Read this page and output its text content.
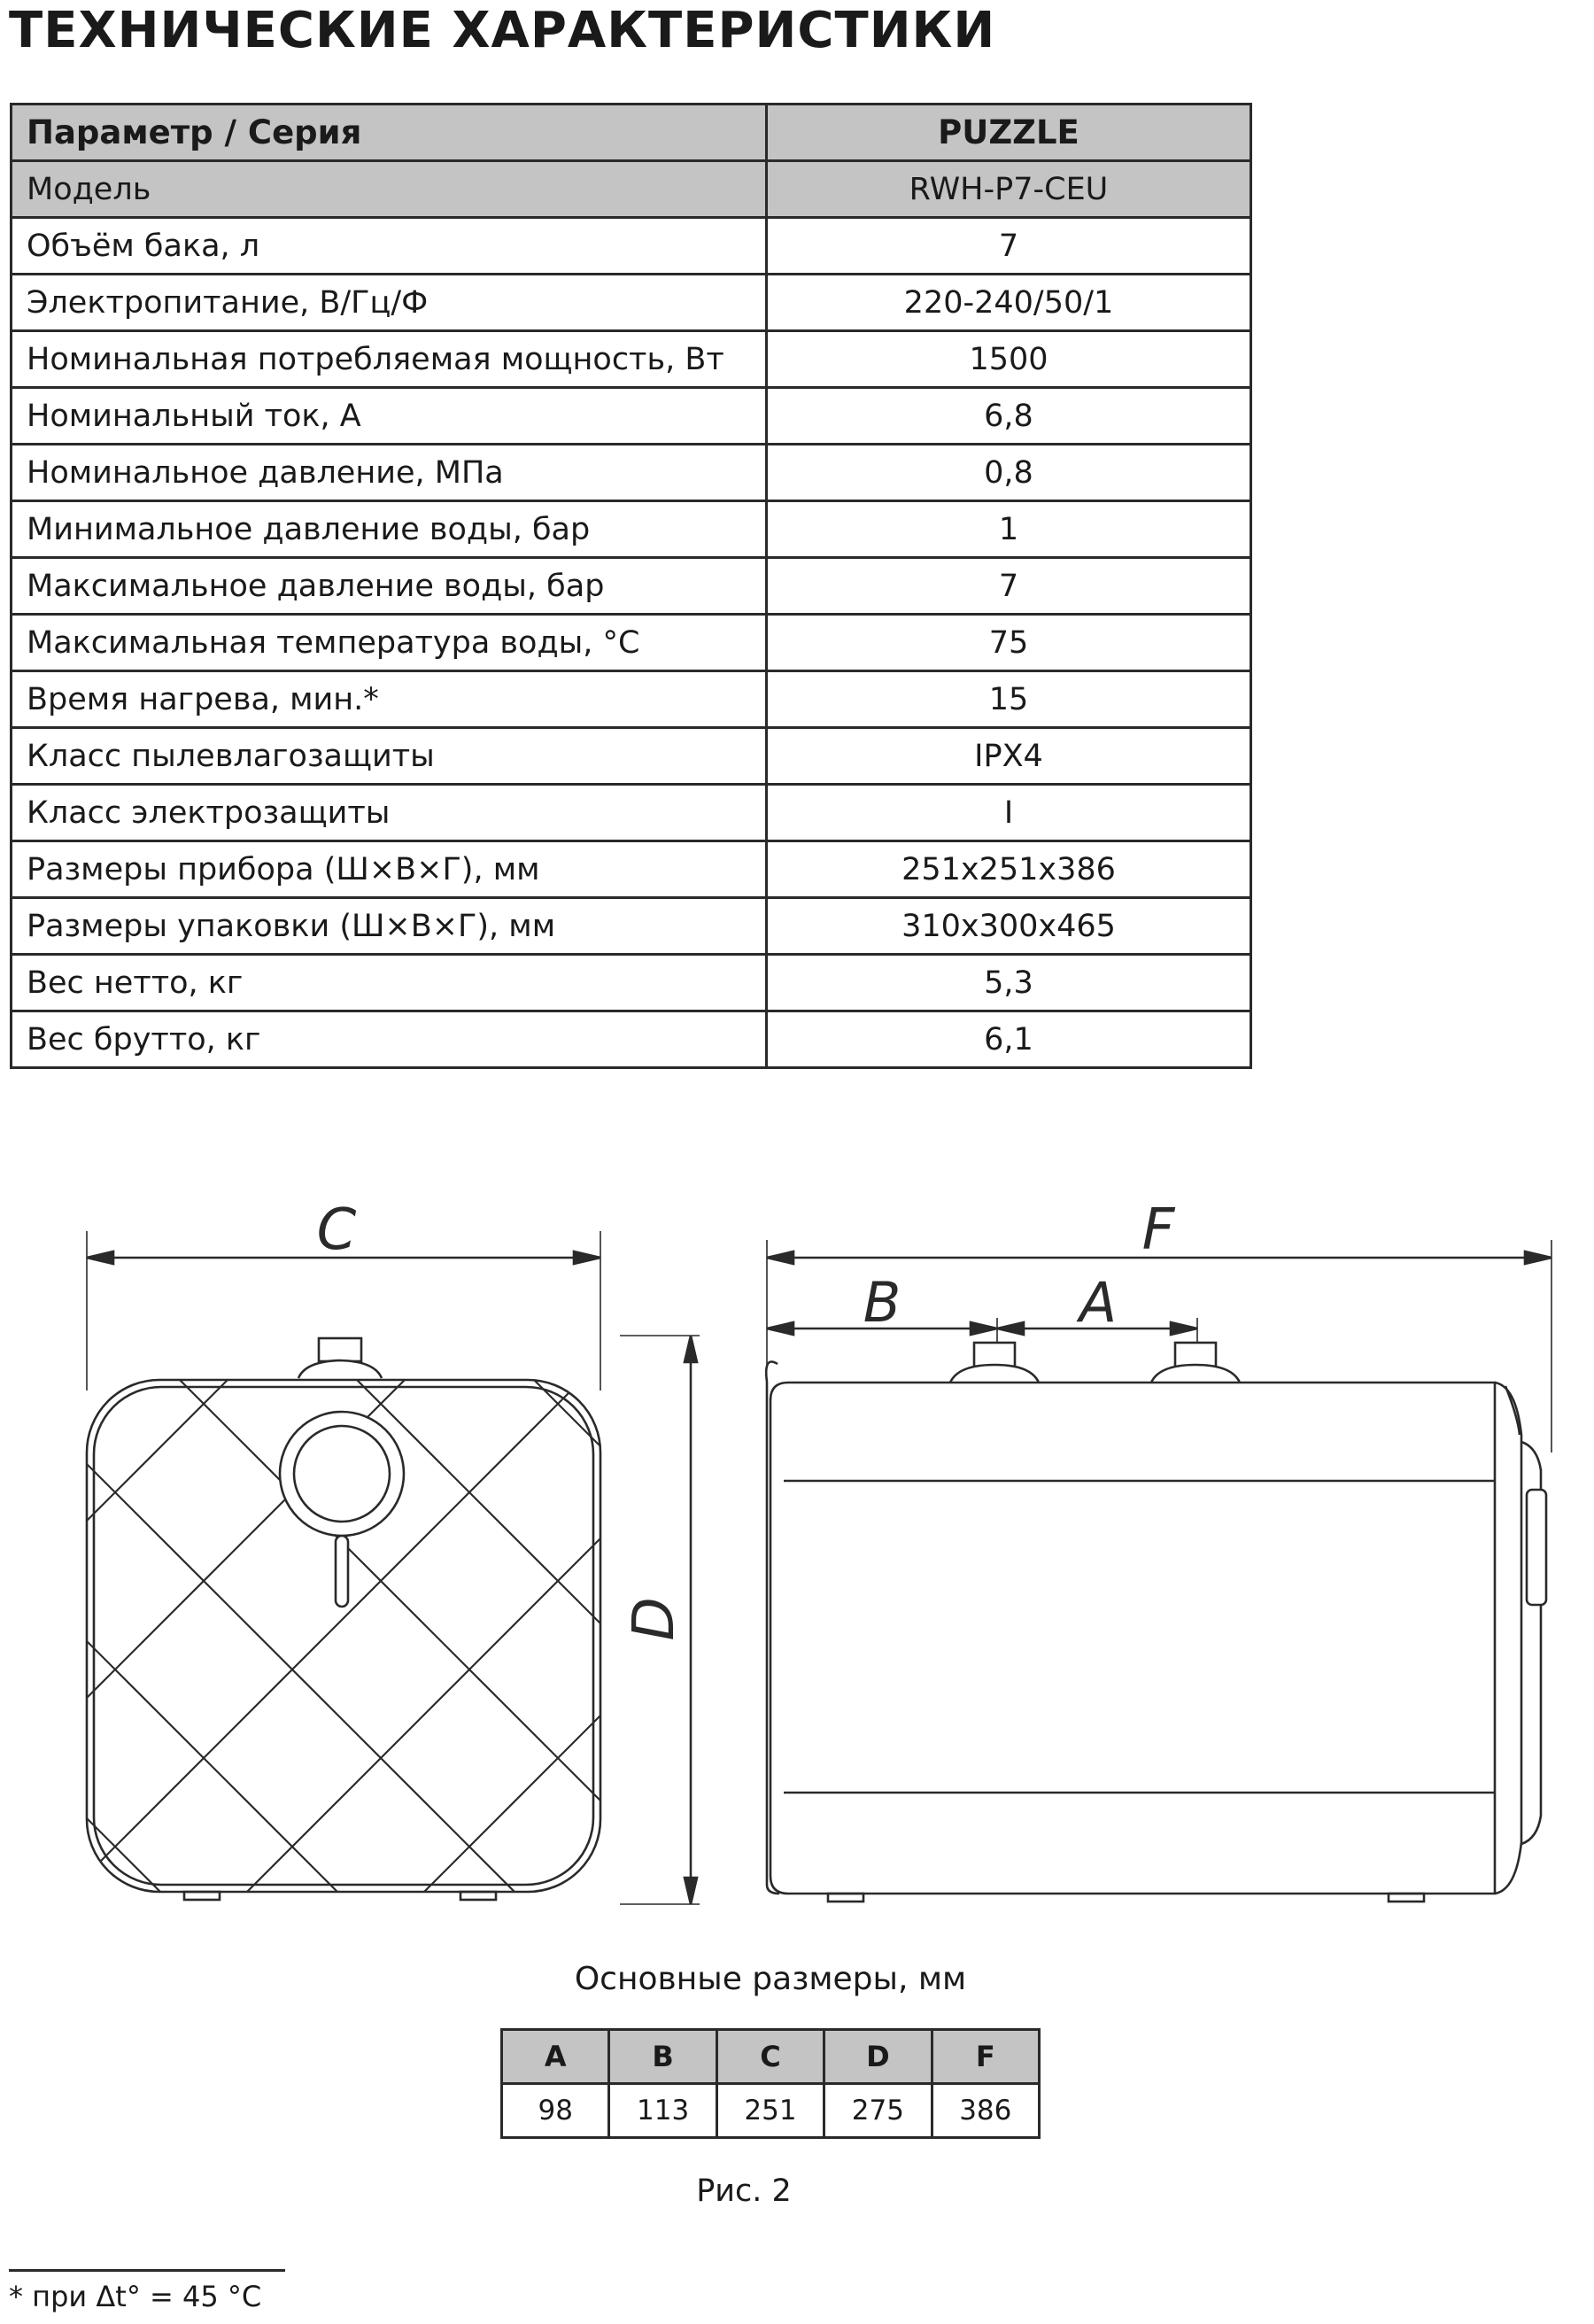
ТЕХНИЧЕСКИЕ ХАРАКТЕРИСТИКИ
Параметр / Серия	PUZZLE
Модель	RWH-P7-CEU
Объём бака, л	7
Электропитание, В/Гц/Ф	220-240/50/1
Номинальная потребляемая мощность, Вт	1500
Номинальный ток, А	6,8
Номинальное давление, МПа	0,8
Минимальное давление воды, бар	1
Максимальное давление воды, бар	7
Максимальная температура воды, °С	75
Время нагрева, мин.*	15
Класс пылевлагозащиты	IPX4
Класс электрозащиты	I
Размеры прибора (Ш×В×Г), мм	251х251х386
Размеры упаковки (Ш×В×Г), мм	310х300х465
Вес нетто, кг	5,3
Вес брутто, кг	6,1
C
D
F
B	A
Основные размеры, мм
A	B	C	D	F
98	113	251	275	386
Рис. 2
* при Δt° = 45 °С
